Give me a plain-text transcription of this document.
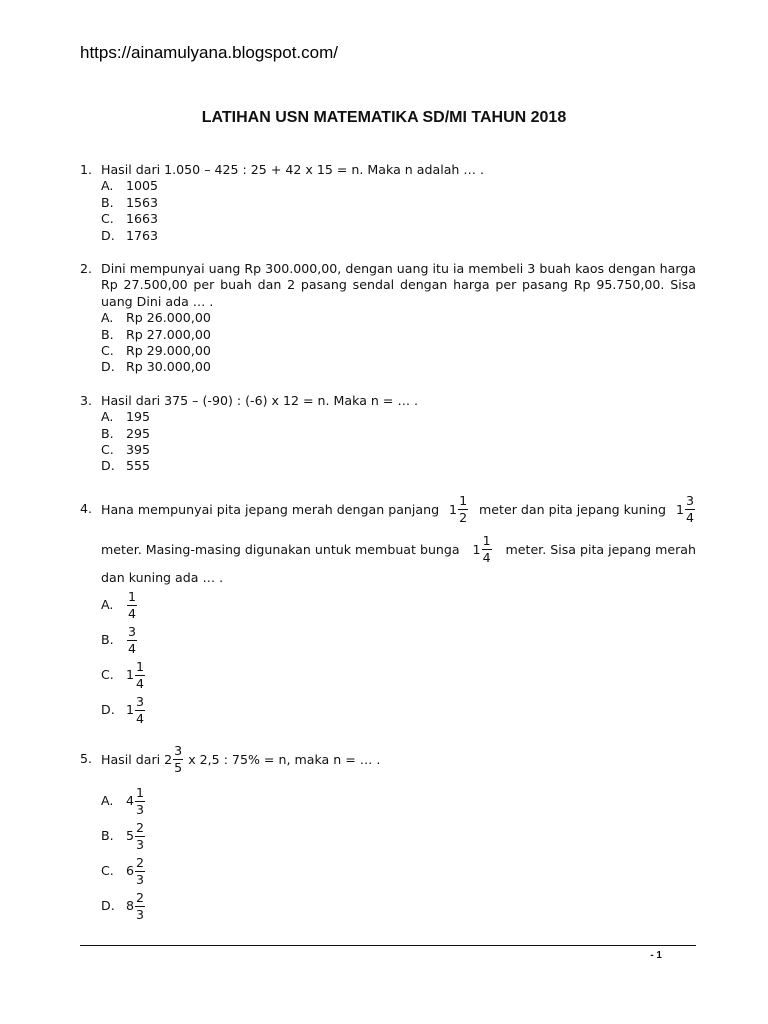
https://ainamulyana.blogspot.com/
LATIHAN USN MATEMATIKA SD/MI TAHUN 2018
1. Hasil dari 1.050 – 425 : 25 + 42 x 15 = n. Maka n adalah … .
A. 1005
B. 1563
C. 1663
D. 1763
2. Dini mempunyai uang Rp 300.000,00, dengan uang itu ia membeli 3 buah kaos dengan harga Rp 27.500,00 per buah dan 2 pasang sendal dengan harga per pasang Rp 95.750,00. Sisa uang Dini ada … .
A. Rp 26.000,00
B. Rp 27.000,00
C. Rp 29.000,00
D. Rp 30.000,00
3. Hasil dari 375 – (-90) : (-6) x 12 = n. Maka n = … .
A. 195
B. 295
C. 395
D. 555
4. Hana mempunyai pita jepang merah dengan panjang $1 \frac{1}{2}$ meter dan pita jepang kuning $1 \frac{3}{4}$
meter. Masing-masing digunakan untuk membuat bunga $1 \frac{1}{4}$ meter. Sisa pita jepang merah
dan kuning ada … .
A.	$\frac{1}{4}$
B.	$\frac{3}{4}$
C. $1 \frac{1}{4}$
D. $1 \frac{3}{4}$
5. Hasil dari
$2 \frac{3}{5}$
x 2,5 : 75% = n, maka n = … .
A. $4 \frac{1}{3}$
B. $5 \frac{2}{3}$
C. $6 \frac{2}{3}$
D. $8 \frac{2}{3}$
- 1
